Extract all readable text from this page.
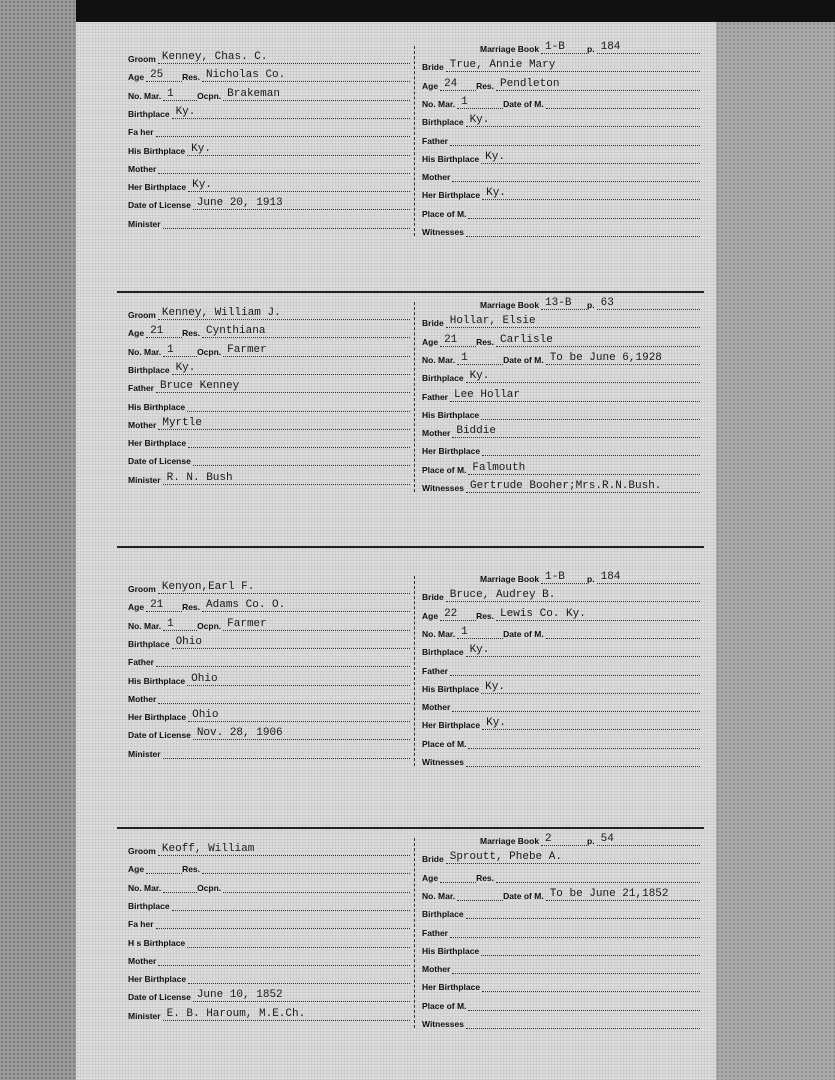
Groom Kenney, Chas. C.
Age 25 Res. Nicholas Co.
No. Mar. 1	Ocpn. Brakeman
Birthplace Ky.
Fa her
His Birthplace Ky.
Mother
Her Birthplace Ky.
Date of License June 20, 1913
Minister
Marriage Book 1-B	p. 184
Bride True, Annie Mary
Age 24 Res. Pendleton
No. Mar. 1	Date of M.
Birthplace Ky.
Father
His Birthplace Ky.
Mother
Her Birthplace Ky.
Place of M.
Witnesses
Groom Kenney, William J.
Age 21 Res. Cynthiana
No. Mar. 1	Ocpn. Farmer
Birthplace Ky.
Father Bruce Kenney
His Birthplace
Mother Myrtle
Her Birthplace
Date of License
Minister R. N. Bush
Marriage Book 13-B p. 63
Bride Hollar, Elsie
Age 21 Res. Carlisle
No. Mar. 1	Date of M. To be June 6,1928
Birthplace Ky.
Father Lee Hollar
His Birthplace
Mother Biddie
Her Birthplace
Place of M. Falmouth
Witnesses Gertrude Booher;Mrs.R.N.Bush.
Groom Kenyon,Earl F.
Age 21 Res. Adams Co. O.
No. Mar. 1	Ocpn. Farmer
Birthplace Ohio
Father
His Birthplace Ohio
Mother
Her Birthplace Ohio
Date of License Nov. 28, 1906
Minister
Marriage Book 1-B	p. 184
Bride Bruce, Audrey B.
Age 22 Res. Lewis Co. Ky.
No. Mar. 1	Date of M.
Birthplace Ky.
Father
His Birthplace Ky.
Mother
Her Birthplace Ky.
Place of M.
Witnesses
Groom Keoff, William
Age	Res.
No. Mar.	Ocpn.
Birthplace
Fa her
H s Birthplace
Mother
Her Birthplace
Date of License June 10, 1852
Minister E. B. Haroum, M.E.Ch.
Marriage Book 2	p. 54
Bride Sproutt, Phebe A.
Age	Res.
No. Mar.	Date of M. To be June 21,1852
Birthplace
Father
His Birthplace
Mother
Her Birthplace
Place of M.
Witnesses
